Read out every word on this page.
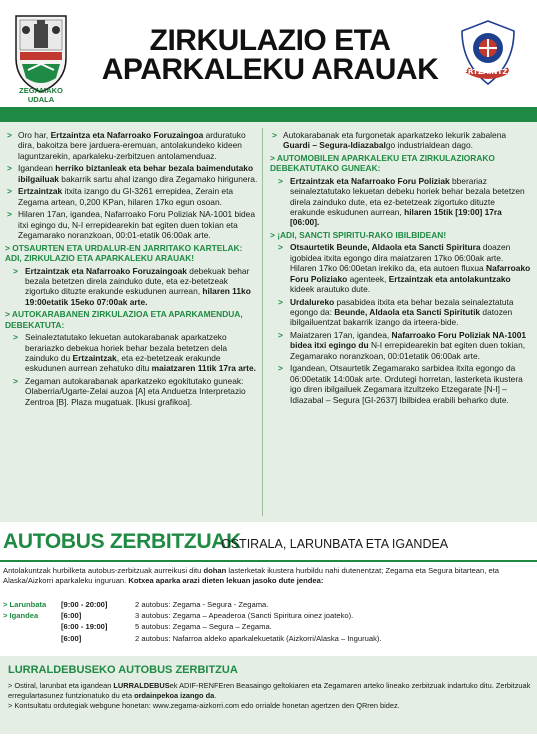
ZEGAMAKO
UDALA
ZIRKULAZIO ETA
APARKALEKU ARAUAK	ERTZAINTZA
> Oro har, Ertzaintza eta Nafarroako Foruzaingoa arduratuko dira, bakoitza bere jarduera-eremuan, antolakundeko kideen laguntzarekin, aparkaleku-zerbitzuen antolamenduaz.
> Igandean herriko biztanleak eta behar bezala baimendutako ibilgailuak bakarrik sartu ahal izango dira Zegamako hirigunera.
> Ertzaintzak itxita izango du GI-3261 errepidea, Zerain eta Zegama artean, 0,200 KPan, hilaren 17ko egun osoan.
> Hilaren 17an, igandea, Nafarroako Foru Poliziak NA-1001 bidea itxi egingo du, N-I errepidearekin bat egiten duen tokian eta Zegamarako noranzkoan, 00:01-etatik 06:00ak arte.
> OTSAURTEN ETA URDALUR-EN JARRITAKO KARTELAK: ADI, ZIRKULAZIO ETA APARKALEKU ARAUAK!
> Ertzaintzak eta Nafarroako Foruzaingoak debekuak behar bezala betetzen direla zainduko dute, eta ez-betetzeak zigortuko dituzte erakunde eskudunen aurrean, hilaren 11ko 19:00etatik 15eko 07:00ak arte.
> AUTOKARABANEN ZIRKULAZIOA ETA APARKAMENDUA, DEBEKATUTA:
> Seinaleztatutako lekuetan autokarabanak aparkatzeko berariazko debekua horiek behar bezala betetzen dela zainduko du Ertzaintzak, eta ez-betetzeak erakunde eskudunen aurrean zehatuko ditu maiatzaren 11tik 17ra arte.
> Zegaman autokarabanak aparkatzeko egokitutako guneak: Olaberria/Ugarte-Zelai auzoa [A] eta Anduetza Interpretazio Zentroa [B]. Plaza mugatuak. [Ikusi grafikoa].
> Autokarabanak eta furgonetak aparkatzeko lekurik zabalena Guardi – Segura-Idiazabalgo industrialdean dago.
> AUTOMOBILEN APARKALEKU ETA ZIRKULAZIORAKO DEBEKATUTAKO GUNEAK:
> Ertzaintzak eta Nafarroako Foru Poliziak bberariaz seinaleztatutako lekuetan debeku horiek behar bezala betetzen direla zainduko dute, eta ez-betetzeak zigortuko dituzte erakunde eskudunen aurrean, hilaren 15tik [19:00] 17ra [06:00].
> ¡ADI, SANCTI SPIRITU-RAKO IBILBIDEAN!
> Otsaurtetik Beunde, Aldaola eta Sancti Spiritura doazen igobidea itxita egongo dira maiatzaren 17ko 06:00ak arte. Hilaren 17ko 06:00etan irekiko da, eta autoen fluxua Nafarroako Foru Poliziako agenteek, Ertzaintzak eta antolakuntzako kideek arautuko dute.
> Urdalureko pasabidea itxita eta behar bezala seinaleztatuta egongo da: Beunde, Aldaola eta Sancti Spiritutik datozen ibilgailuentzat bakarrik izango da irteera-bide.
> Maiatzaren 17an, igandea, Nafarroako Foru Poliziak NA-1001 bidea itxi egingo du N-I errepidearekin bat egiten duen tokian, Zegamarako noranzkoan, 00:01etatik 06:00ak arte.
> Igandean, Otsaurtetik Zegamarako sarbidea itxita egongo da 06:00etatik 14:00ak arte. Ordutegi horretan, lasterketa ikustera igo diren ibilgailuek Zegamara itzultzeko Etzegarate [N-I] – Idiazabal – Segura [GI-2637] Ibilbidea erabili beharko dute.
AUTOBUS ZERBITZUAK
OSTIRALA, LARUNBATA ETA IGANDEA
Antolakuntzak hurbilketa autobus-zerbitzuak aurreikusi ditu dohan lasterketak ikustera hurbildu nahi dutenentzat; Zegama eta Segura bitartean, eta Alaska/Aizkorri aparkaleku inguruan. Kotxea aparka arazi dieten lekuan jasoko dute jendea:
> Larunbata	[9:00 - 20:00]	2 autobus: Zegama - Segura - Zegama.
> Igandea	[6:00]	3 autobus: Zegama – Apeaderoa (Sancti Spiritura oinez joateko).
[6:00 - 19:00]	5 autobus: Zegama – Segura – Zegama.
[6:00]	2 autobus: Nafarroa aldeko aparkalekuetatik (Aizkorri/Alaska – Inguruak).
LURRALDEBUSEKO AUTOBUS ZERBITZUA
> Ostiral, larunbat eta igandean LURRALDEBUSek ADIF-RENFEren Beasaingo geltokiaren eta Zegamaren arteko lineako zerbitzuak indartuko ditu. Zerbitzuak erregulartasunez funtzionatuko du eta ordainpekoa izango da.
> Kontsultatu ordutegiak webgune honetan: www.zegama-aizkorri.com edo orrialde honetan agertzen den QRren bidez.
